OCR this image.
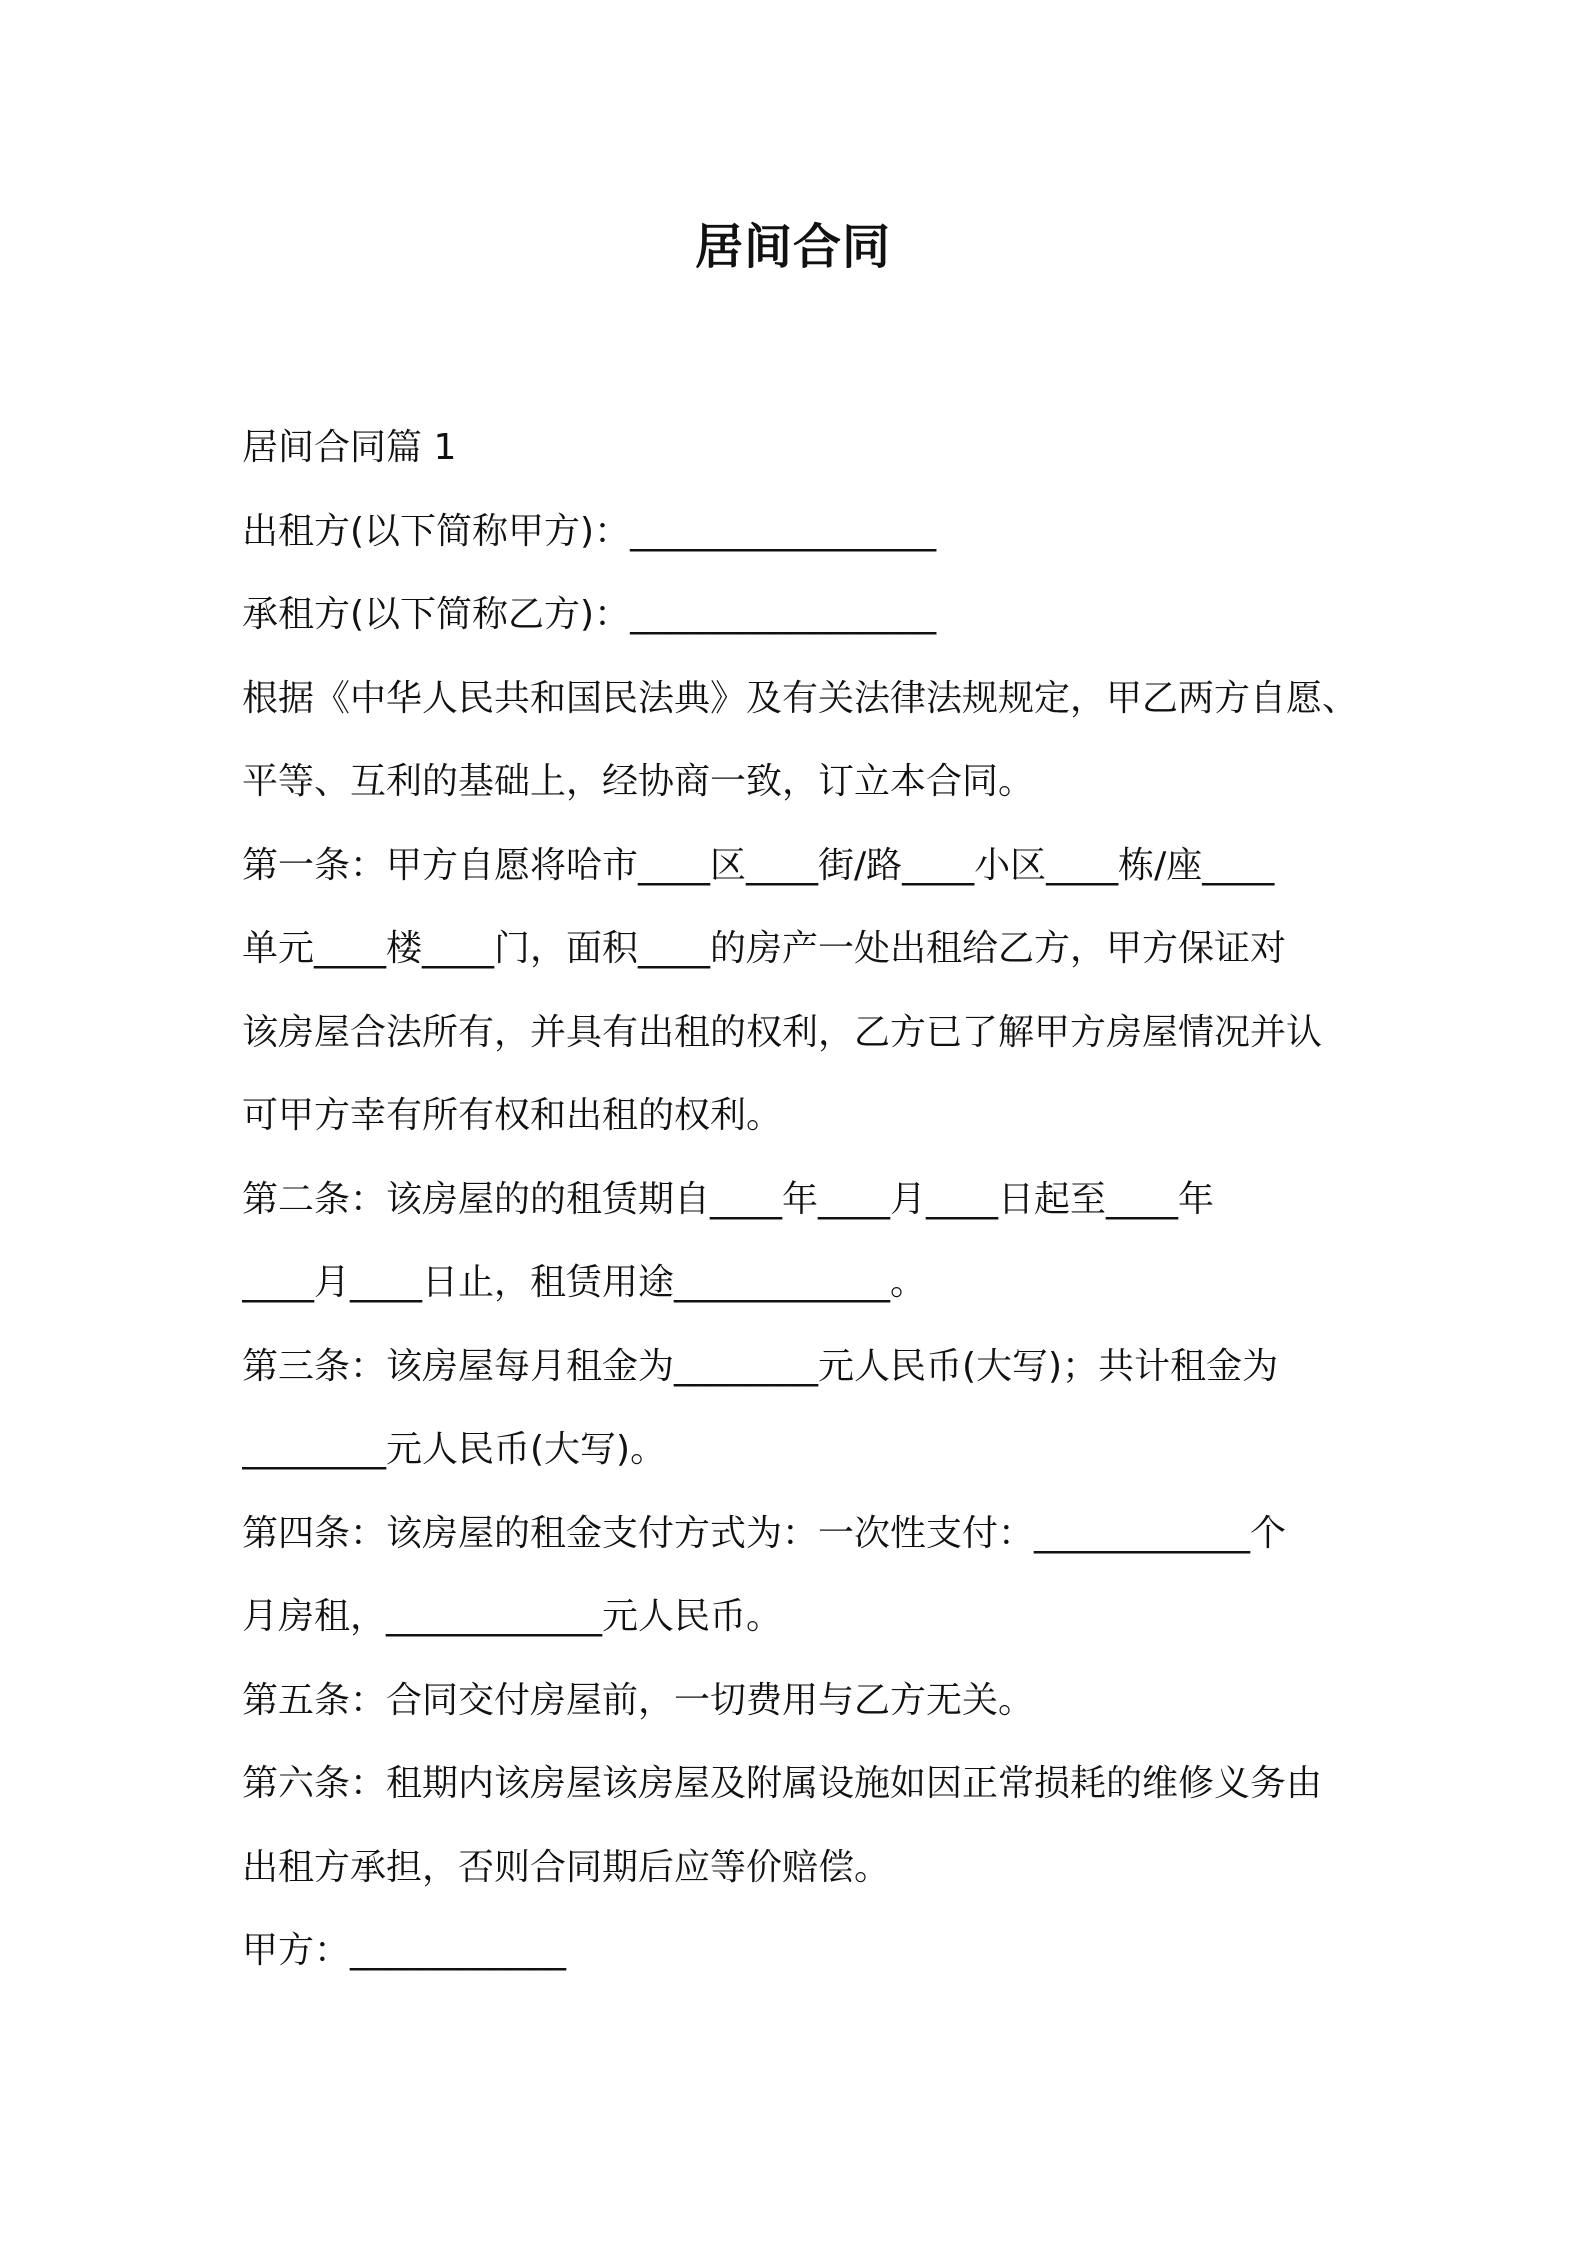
居间合同
居间合同篇 1
出租方(以下简称甲方)：_________________
承租方(以下简称乙方)：_________________
根据《中华人民共和国民法典》及有关法律法规规定，甲乙两方自愿、
平等、互利的基础上，经协商一致，订立本合同。
第一条：甲方自愿将哈市____区____街/路____小区____栋/座____
单元____楼____门，面积____的房产一处出租给乙方，甲方保证对
该房屋合法所有，并具有出租的权利，乙方已了解甲方房屋情况并认
可甲方幸有所有权和出租的权利。
第二条：该房屋的的租赁期自____年____月____日起至____年
____月____日止，租赁用途____________。
第三条：该房屋每月租金为________元人民币(大写)；共计租金为
________元人民币(大写)。
第四条：该房屋的租金支付方式为：一次性支付：____________个
月房租，____________元人民币。
第五条：合同交付房屋前，一切费用与乙方无关。
第六条：租期内该房屋该房屋及附属设施如因正常损耗的维修义务由
出租方承担，否则合同期后应等价赔偿。
甲方：____________
